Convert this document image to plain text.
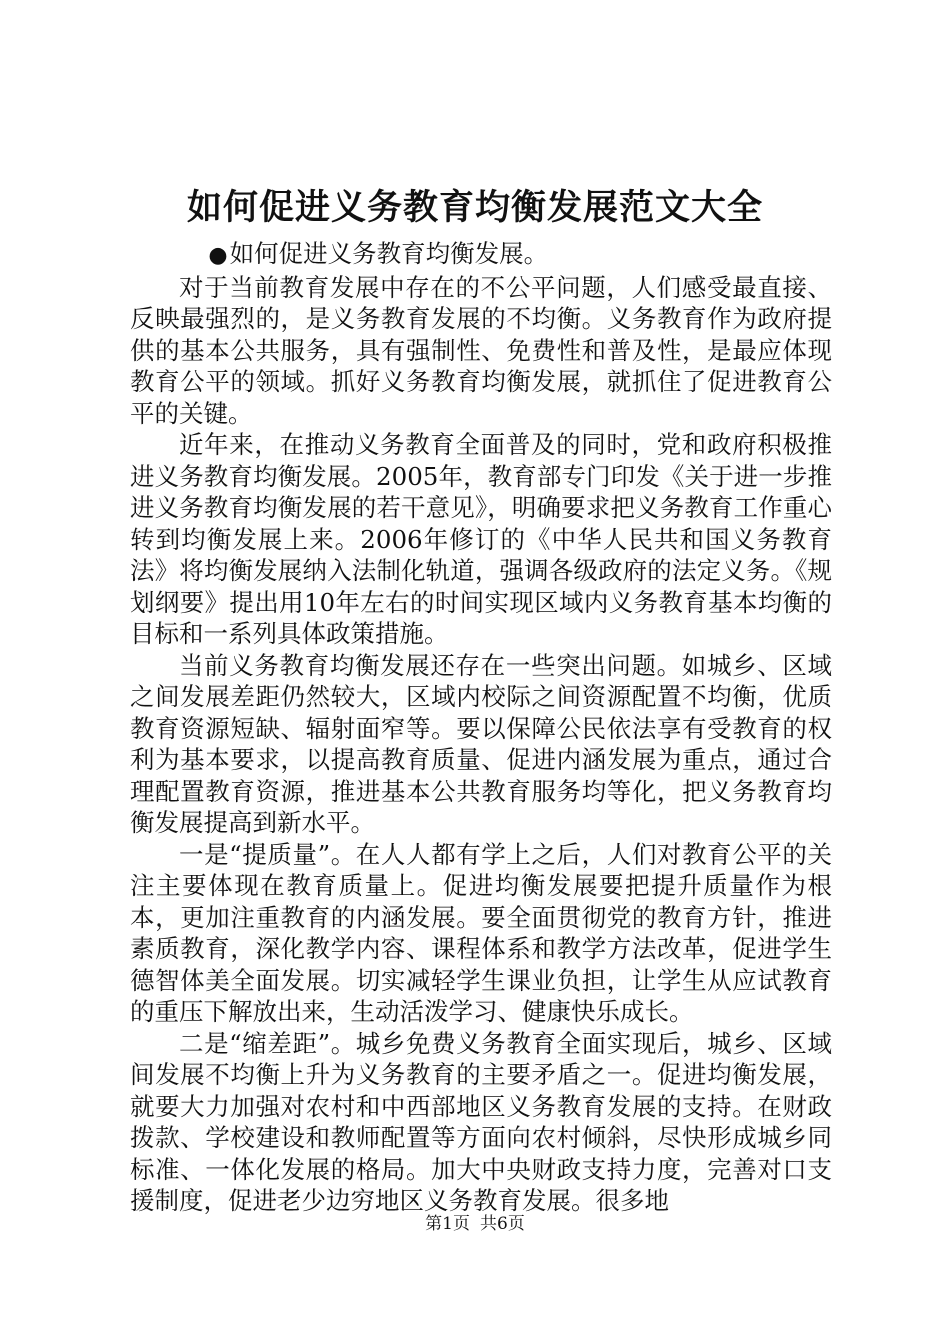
如何促进义务教育均衡发展范文大全

●如何促进义务教育均衡发展。

对于当前教育发展中存在的不公平问题，人们感受最直接、反映最强烈的，是义务教育发展的不均衡。义务教育作为政府提供的基本公共服务，具有强制性、免费性和普及性，是最应体现教育公平的领域。抓好义务教育均衡发展，就抓住了促进教育公平的关键。

近年来，在推动义务教育全面普及的同时，党和政府积极推进义务教育均衡发展。2005年，教育部专门印发《关于进一步推进义务教育均衡发展的若干意见》，明确要求把义务教育工作重心转到均衡发展上来。2006年修订的《中华人民共和国义务教育法》将均衡发展纳入法制化轨道，强调各级政府的法定义务。《规划纲要》提出用10年左右的时间实现区域内义务教育基本均衡的目标和一系列具体政策措施。

当前义务教育均衡发展还存在一些突出问题。如城乡、区域之间发展差距仍然较大，区域内校际之间资源配置不均衡，优质教育资源短缺、辐射面窄等。要以保障公民依法享有受教育的权利为基本要求，以提高教育质量、促进内涵发展为重点，通过合理配置教育资源，推进基本公共教育服务均等化，把义务教育均衡发展提高到新水平。

一是“提质量”。在人人都有学上之后，人们对教育公平的关注主要体现在教育质量上。促进均衡发展要把提升质量作为根本，更加注重教育的内涵发展。要全面贯彻党的教育方针，推进素质教育，深化教学内容、课程体系和教学方法改革，促进学生德智体美全面发展。切实减轻学生课业负担，让学生从应试教育的重压下解放出来，生动活泼学习、健康快乐成长。

二是“缩差距”。城乡免费义务教育全面实现后，城乡、区域间发展不均衡上升为义务教育的主要矛盾之一。促进均衡发展，就要大力加强对农村和中西部地区义务教育发展的支持。在财政拨款、学校建设和教师配置等方面向农村倾斜，尽快形成城乡同标准、一体化发展的格局。加大中央财政支持力度，完善对口支援制度，促进老少边穷地区义务教育发展。很多地

第1页 共6页
